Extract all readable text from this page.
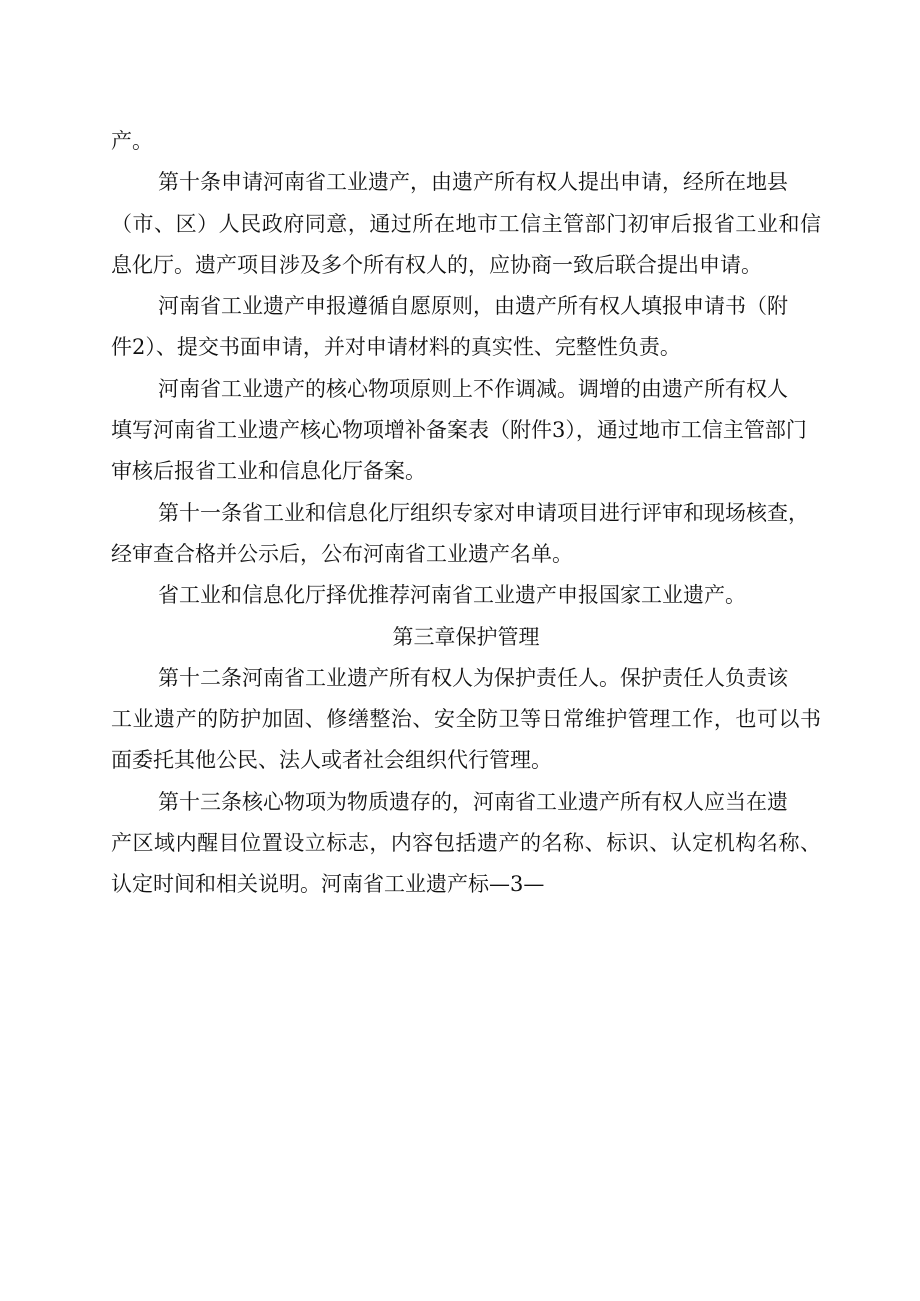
产。
第十条申请河南省工业遗产，由遗产所有权人提出申请，经所在地县
（市、区）人民政府同意，通过所在地市工信主管部门初审后报省工业和信
息化厅。遗产项目涉及多个所有权人的，应协商一致后联合提出申请。
河南省工业遗产申报遵循自愿原则，由遗产所有权人填报申请书（附
件2）、提交书面申请，并对申请材料的真实性、完整性负责。
河南省工业遗产的核心物项原则上不作调减。调增的由遗产所有权人
填写河南省工业遗产核心物项增补备案表（附件3），通过地市工信主管部门
审核后报省工业和信息化厅备案。
第十一条省工业和信息化厅组织专家对申请项目进行评审和现场核查，
经审查合格并公示后，公布河南省工业遗产名单。
省工业和信息化厅择优推荐河南省工业遗产申报国家工业遗产。
第三章保护管理
第十二条河南省工业遗产所有权人为保护责任人。保护责任人负责该
工业遗产的防护加固、修缮整治、安全防卫等日常维护管理工作，也可以书
面委托其他公民、法人或者社会组织代行管理。
第十三条核心物项为物质遗存的，河南省工业遗产所有权人应当在遗
产区域内醒目位置设立标志，内容包括遗产的名称、标识、认定机构名称、
认定时间和相关说明。河南省工业遗产标—3—
